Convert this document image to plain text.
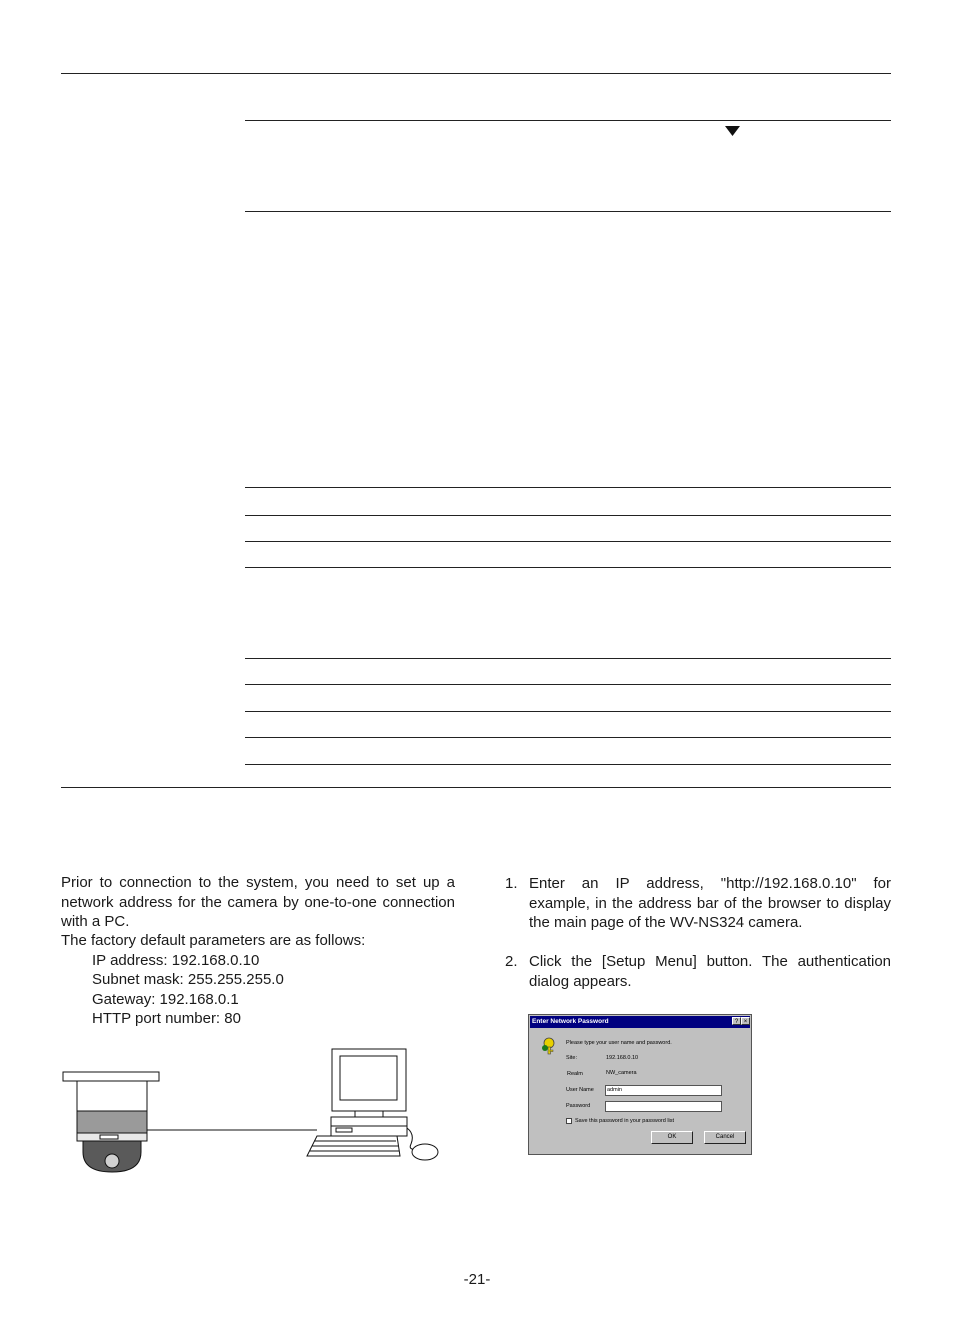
Prior to connection to the system, you need to set up a network address for the camera by one-to-one connection with a PC.
The factory default parameters are as follows:
IP address: 192.168.0.10
Subnet mask: 255.255.255.0
Gateway: 192.168.0.1
HTTP port number: 80
1. Enter an IP address, "http://192.168.0.10" for example, in the address bar of the browser to display the main page of the WV-NS324 camera.
2. Click the [Setup Menu] button. The authentication dialog appears.
Enter Network Password	? ×
Please type your user name and password.
Site:	192.168.0.10
Realm	NW_camera
User Name	admin
Password
Save this password in your password list
OK	Cancel
-21-
